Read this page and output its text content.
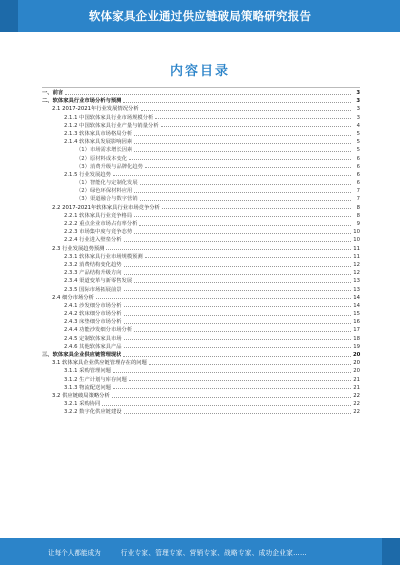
软体家具企业通过供应链破局策略研究报告
内容目录
一、前言	3
二、软体家具行业市场分析与预测	3
2.1 2017-2021年行业发展情况分析	3
2.1.1 中国软体家具行业市场规模分析	3
2.1.2 中国软体家具行业产量与销量分析	4
2.1.3 软体家具市场格局分析	5
2.1.4 软体家具发展影响因素	5
（1）市场需求增长因素	5
（2）原材料成本变化	6
（3）消费升级与品牌化趋势	6
2.1.5 行业发展趋势	6
（1）智能化与定制化发展	6
（2）绿色环保材料应用	7
（3）渠道融合与数字营销	7
2.2 2017-2021年软体家具行业市场竞争分析	8
2.2.1 软体家具行业竞争格局	8
2.2.2 重点企业市场占有率分析	9
2.2.3 市场集中度与竞争态势	10
2.2.4 行业进入壁垒分析	10
2.3 行业发展趋势预测	11
2.3.1 软体家具行业市场规模预测	11
2.3.2 消费结构变化趋势	12
2.3.3 产品结构升级方向	12
2.3.4 渠道变革与新零售发展	13
2.3.5 国际市场拓展前景	13
2.4 细分市场分析	14
2.4.1 沙发细分市场分析	14
2.4.2 软床细分市场分析	15
2.4.3 床垫细分市场分析	16
2.4.4 功能沙发细分市场分析	17
2.4.5 定制软体家具市场	18
2.4.6 其他软体家具产品	19
三、软体家具企业供应链管理现状	20
3.1 软体家具企业供应链管理存在的问题	20
3.1.1 采购管理问题	20
3.1.2 生产计划与库存问题	21
3.1.3 物流配送问题	21
3.2 供应链破局策略分析	22
3.2.1 采购协同	22
3.2.2 数字化供应链建设	22
让每个人都能成为	行业专家、管理专家、营销专家、战略专家、成功企业家……
